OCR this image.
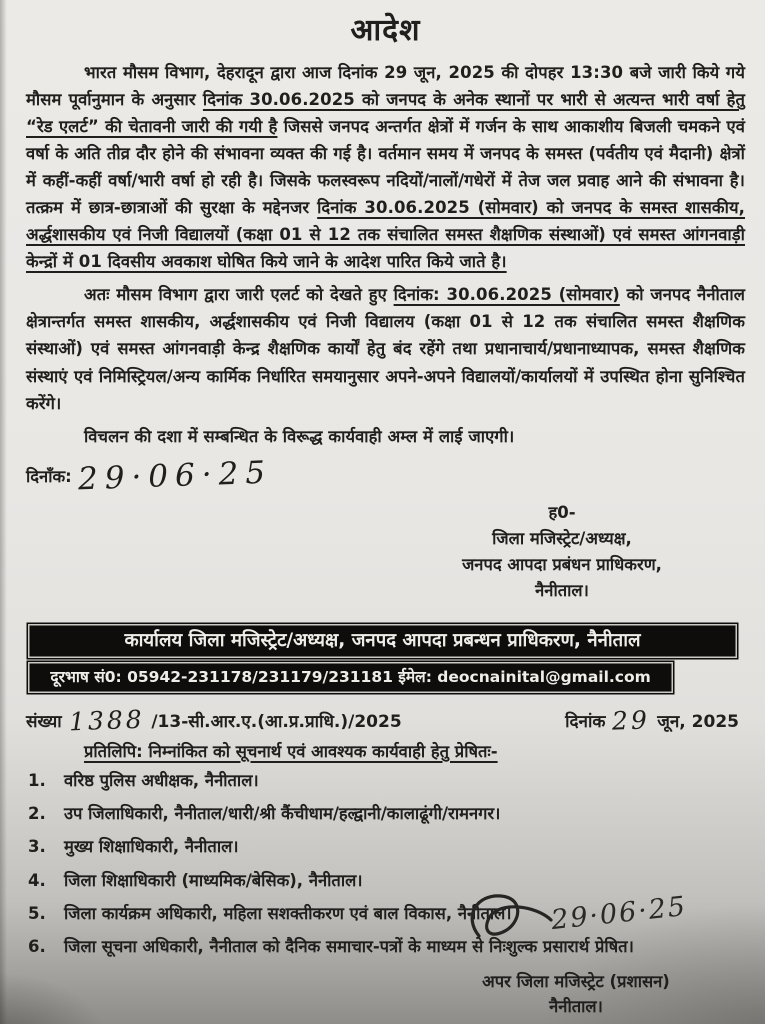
आदेश

भारत मौसम विभाग, देहरादून द्वारा आज दिनांक 29 जून, 2025 की दोपहर 13:30 बजे जारी किये गये मौसम पूर्वानुमान के अनुसार दिनांक 30.06.2025 को जनपद के अनेक स्थानों पर भारी से अत्यन्त भारी वर्षा हेतु “रेड एलर्ट” की चेतावनी जारी की गयी है जिससे जनपद अन्तर्गत क्षेत्रों में गर्जन के साथ आकाशीय बिजली चमकने एवं वर्षा के अति तीव्र दौर होने की संभावना व्यक्त की गई है। वर्तमान समय में जनपद के समस्त (पर्वतीय एवं मैदानी) क्षेत्रों में कहीं-कहीं वर्षा/भारी वर्षा हो रही है। जिसके फलस्वरूप नदियों/नालों/गधेरों में तेज जल प्रवाह आने की संभावना है। तत्क्रम में छात्र-छात्राओं की सुरक्षा के मद्देनजर दिनांक 30.06.2025 (सोमवार) को जनपद के समस्त शासकीय, अर्द्धशासकीय एवं निजी विद्यालयों (कक्षा 01 से 12 तक संचालित समस्त शैक्षणिक संस्थाओं) एवं समस्त आंगनवाड़ी केन्द्रों में 01 दिवसीय अवकाश घोषित किये जाने के आदेश पारित किये जाते है।

अतः मौसम विभाग द्वारा जारी एलर्ट को देखते हुए दिनांक: 30.06.2025 (सोमवार) को जनपद नैनीताल क्षेत्रान्तर्गत समस्त शासकीय, अर्द्धशासकीय एवं निजी विद्यालय (कक्षा 01 से 12 तक संचालित समस्त शैक्षणिक संस्थाओं) एवं समस्त आंगनवाड़ी केन्द्र शैक्षणिक कार्यों हेतु बंद रहेंगे तथा प्रधानाचार्य/प्रधानाध्यापक, समस्त शैक्षणिक संस्थाएं एवं निमिस्ट्रियल/अन्य कार्मिक निर्धारित समयानुसार अपने-अपने विद्यालयों/कार्यालयों में उपस्थित होना सुनिश्चित करेंगे।

विचलन की दशा में सम्बन्धित के विरूद्ध कार्यवाही अम्ल में लाई जाएगी।

दिनाँक: 29·06·25
ह0-
जिला मजिस्ट्रेट/अध्यक्ष,
जनपद आपदा प्रबंधन प्राधिकरण,
नैनीताल।
कार्यालय जिला मजिस्ट्रेट/अध्यक्ष, जनपद आपदा प्रबन्धन प्राधिकरण, नैनीताल
दूरभाष सं0: 05942-231178/231179/231181 ईमेल: deocnainital@gmail.com
संख्या 1388 /13-सी.आर.ए.(आ.प्र.प्राधि.)/2025	दिनांक 29 जून, 2025
प्रतिलिपि: निम्नांकित को सूचनार्थ एवं आवश्यक कार्यवाही हेतु प्रेषितः-
1.	वरिष्ठ पुलिस अधीक्षक, नैनीताल।
2.	उप जिलाधिकारी, नैनीताल/धारी/श्री कैंचीधाम/हल्द्वानी/कालाढूंगी/रामनगर।
3.	मुख्य शिक्षाधिकारी, नैनीताल।
4.	जिला शिक्षाधिकारी (माध्यमिक/बेसिक), नैनीताल।
5.	जिला कार्यक्रम अधिकारी, महिला सशक्तीकरण एवं बाल विकास, नैनीताल।
6.	जिला सूचना अधिकारी, नैनीताल को दैनिक समाचार-पत्रों के माध्यम से निःशुल्क प्रसारार्थ प्रेषित।
29·06·25
अपर जिला मजिस्ट्रेट (प्रशासन)
नैनीताल।
